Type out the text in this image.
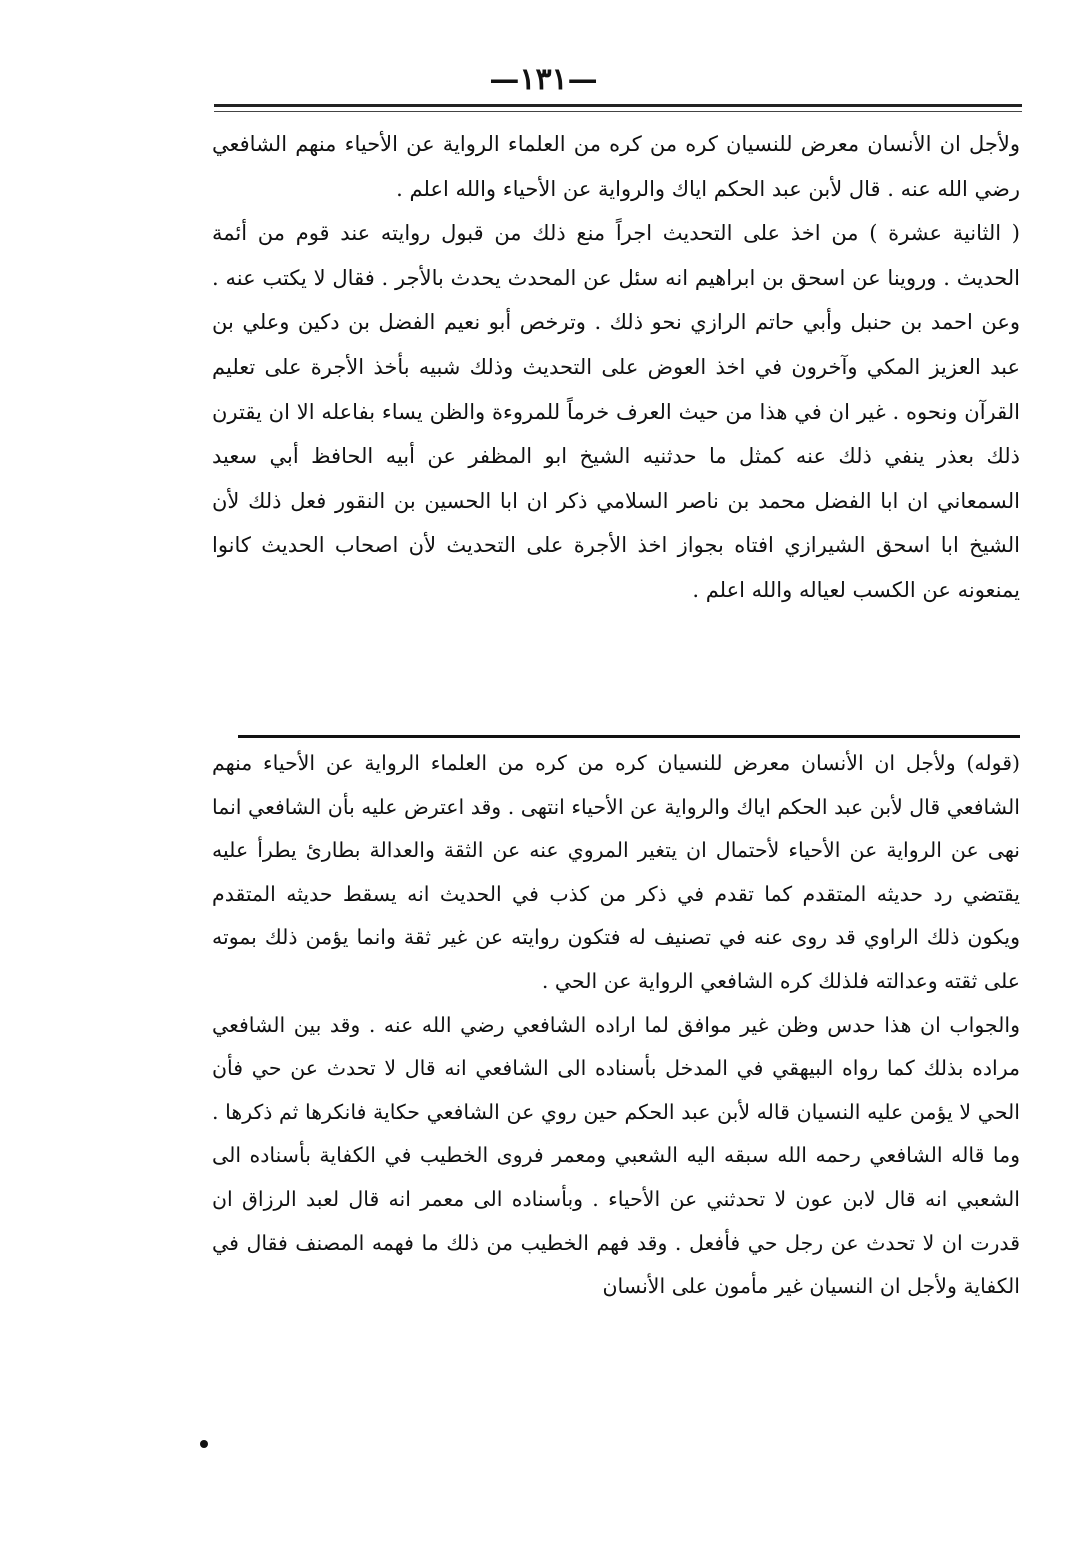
—١٣١—

ولأجل ان الأنسان معرض للنسيان كره من كره من العلماء الرواية عن الأحياء منهم الشافعي رضي الله عنه . قال لأبن عبد الحكم اياك والرواية عن الأحياء والله اعلم .

( الثانية عشرة ) من اخذ على التحديث اجراً منع ذلك من قبول روايته عند قوم من أئمة الحديث . وروينا عن اسحق بن ابراهيم انه سئل عن المحدث يحدث بالأجر . فقال لا يكتب عنه . وعن احمد بن حنبل وأبي حاتم الرازي نحو ذلك . وترخص أبو نعيم الفضل بن دكين وعلي بن عبد العزيز المكي وآخرون في اخذ العوض على التحديث وذلك شبيه بأخذ الأجرة على تعليم القرآن ونحوه . غير ان في هذا من حيث العرف خرماً للمروءة والظن يساء بفاعله الا ان يقترن ذلك بعذر ينفي ذلك عنه كمثل ما حدثنيه الشيخ ابو المظفر عن أبيه الحافظ أبي سعيد السمعاني ان ابا الفضل محمد بن ناصر السلامي ذكر ان ابا الحسين بن النقور فعل ذلك لأن الشيخ ابا اسحق الشيرازي افتاه بجواز اخذ الأجرة على التحديث لأن اصحاب الحديث كانوا يمنعونه عن الكسب لعياله والله اعلم .

(قوله) ولأجل ان الأنسان معرض للنسيان كره من كره من العلماء الرواية عن الأحياء منهم الشافعي قال لأبن عبد الحكم اياك والرواية عن الأحياء انتهى . وقد اعترض عليه بأن الشافعي انما نهى عن الرواية عن الأحياء لأحتمال ان يتغير المروي عنه عن الثقة والعدالة بطارئ يطرأ عليه يقتضي رد حديثه المتقدم كما تقدم في ذكر من كذب في الحديث انه يسقط حديثه المتقدم ويكون ذلك الراوي قد روى عنه في تصنيف له فتكون روايته عن غير ثقة وانما يؤمن ذلك بموته على ثقته وعدالته فلذلك كره الشافعي الرواية عن الحي .

والجواب ان هذا حدس وظن غير موافق لما اراده الشافعي رضي الله عنه . وقد بين الشافعي مراده بذلك كما رواه البيهقي في المدخل بأسناده الى الشافعي انه قال لا تحدث عن حي فأن الحي لا يؤمن عليه النسيان قاله لأبن عبد الحكم حين روي عن الشافعي حكاية فانكرها ثم ذكرها . وما قاله الشافعي رحمه الله سبقه اليه الشعبي ومعمر فروى الخطيب في الكفاية بأسناده الى الشعبي انه قال لابن عون لا تحدثني عن الأحياء . وبأسناده الى معمر انه قال لعبد الرزاق ان قدرت ان لا تحدث عن رجل حي فأفعل . وقد فهم الخطيب من ذلك ما فهمه المصنف فقال في الكفاية ولأجل ان النسيان غير مأمون على الأنسان
